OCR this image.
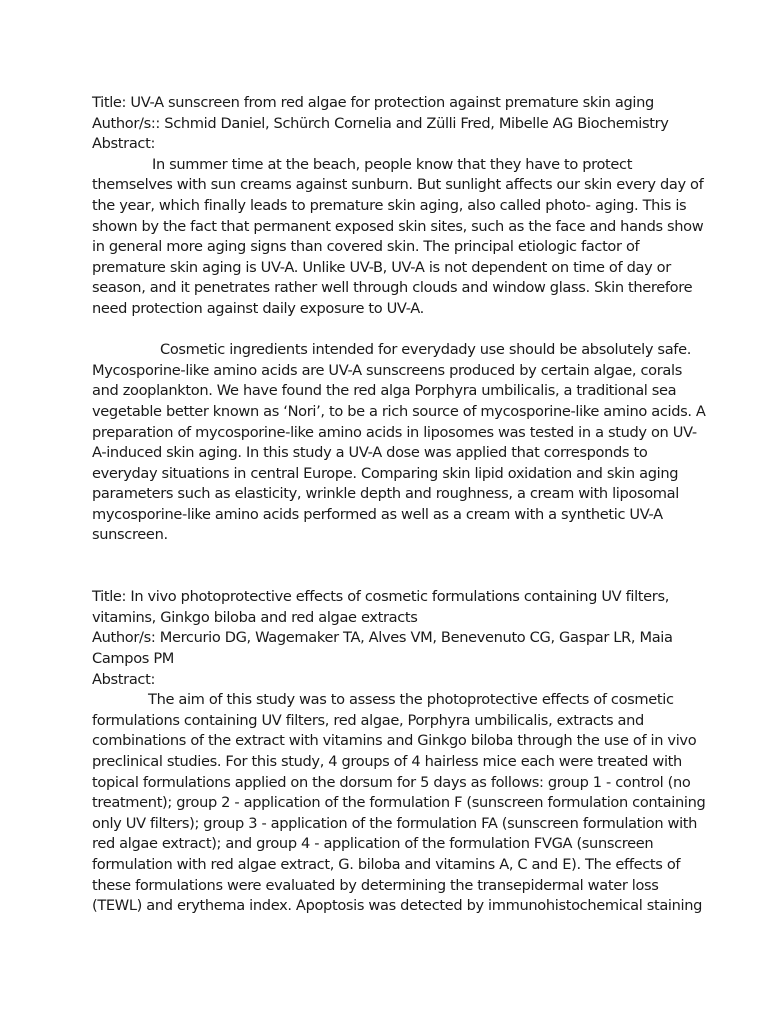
Title: UV-A sunscreen from red algae for protection against premature skin aging
Author/s:: Schmid Daniel, Schürch Cornelia and Zülli Fred, Mibelle AG Biochemistry
Abstract:
In summer time at the beach, people know that they have to protect
themselves with sun creams against sunburn. But sunlight affects our skin every day of
the year, which finally leads to premature skin aging, also called photo- aging. This is
shown by the fact that permanent exposed skin sites, such as the face and hands show
in general more aging signs than covered skin. The principal etiologic factor of
premature skin aging is UV-A. Unlike UV-B, UV-A is not dependent on time of day or
season, and it penetrates rather well through clouds and window glass. Skin therefore
need protection against daily exposure to UV-A.
Cosmetic ingredients intended for everydady use should be absolutely safe.
Mycosporine-like amino acids are UV-A sunscreens produced by certain algae, corals
and zooplankton. We have found the red alga Porphyra umbilicalis, a traditional sea
vegetable better known as ‘Nori’, to be a rich source of mycosporine-like amino acids. A
preparation of mycosporine-like amino acids in liposomes was tested in a study on UV-
A-induced skin aging. In this study a UV-A dose was applied that corresponds to
everyday situations in central Europe. Comparing skin lipid oxidation and skin aging
parameters such as elasticity, wrinkle depth and roughness, a cream with liposomal
mycosporine-like amino acids performed as well as a cream with a synthetic UV-A
sunscreen.
Title: In vivo photoprotective effects of cosmetic formulations containing UV filters,
vitamins, Ginkgo biloba and red algae extracts
Author/s: Mercurio DG, Wagemaker TA, Alves VM, Benevenuto CG, Gaspar LR, Maia
Campos PM
Abstract:
The aim of this study was to assess the photoprotective effects of cosmetic
formulations containing UV filters, red algae, Porphyra umbilicalis, extracts and
combinations of the extract with vitamins and Ginkgo biloba through the use of in vivo
preclinical studies. For this study, 4 groups of 4 hairless mice each were treated with
topical formulations applied on the dorsum for 5 days as follows: group 1 - control (no
treatment); group 2 - application of the formulation F (sunscreen formulation containing
only UV filters); group 3 - application of the formulation FA (sunscreen formulation with
red algae extract); and group 4 - application of the formulation FVGA (sunscreen
formulation with red algae extract, G. biloba and vitamins A, C and E). The effects of
these formulations were evaluated by determining the transepidermal water loss
(TEWL) and erythema index. Apoptosis was detected by immunohistochemical staining
